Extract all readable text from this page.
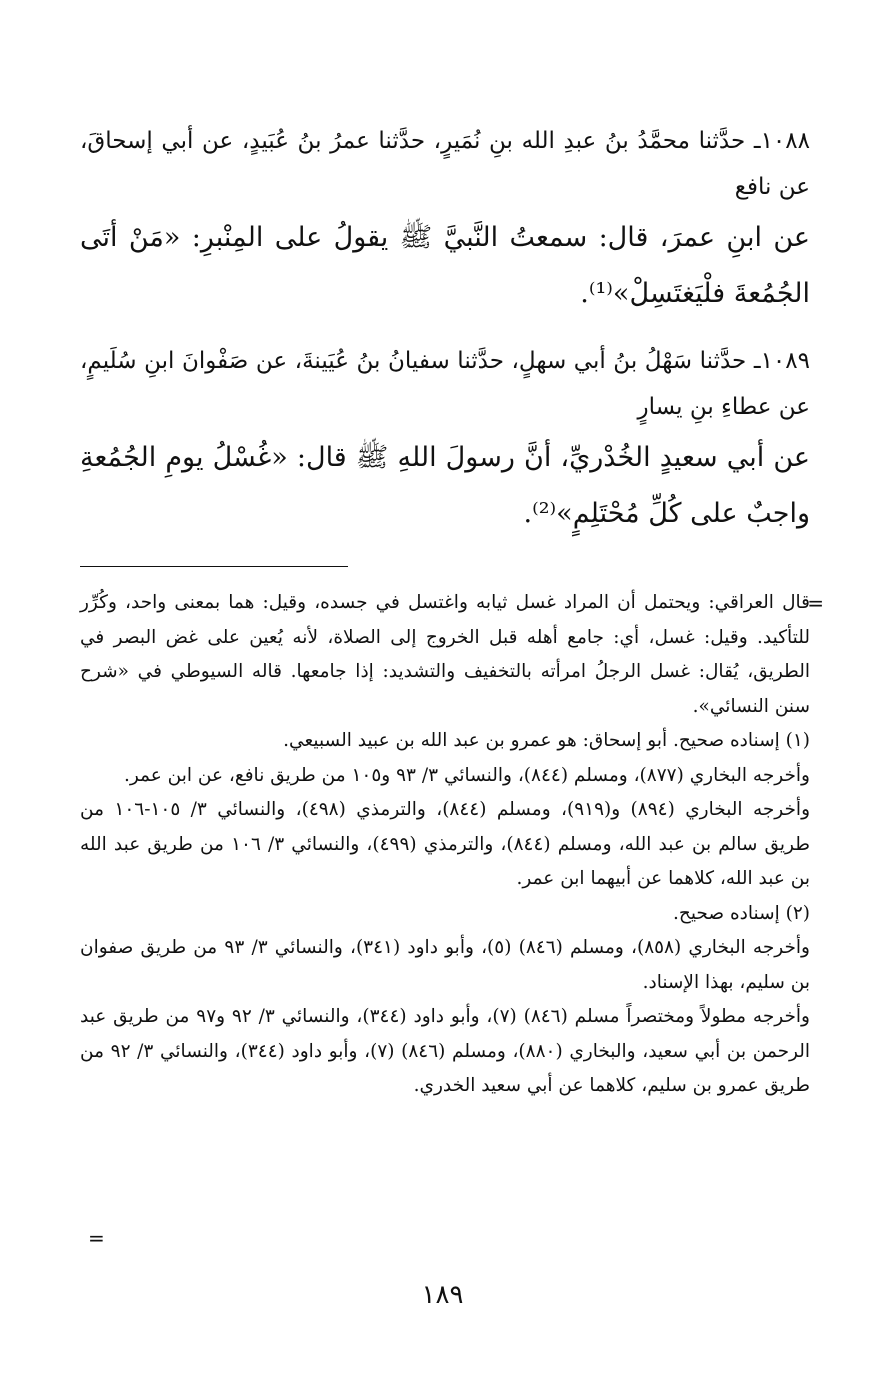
١٠٨٨ـ حدَّثنا محمَّدُ بنُ عبدِ الله بنِ نُمَيرٍ، حدَّثنا عمرُ بنُ عُبَيدٍ، عن أبي إسحاقَ، عن نافع

عن ابنِ عمرَ، قال: سمعتُ النَّبيَّ ﷺ يقولُ على المِنْبرِ: «مَنْ أتَى الجُمُعةَ فلْيَغتَسِلْ»⁽¹⁾.

١٠٨٩ـ حدَّثنا سَهْلُ بنُ أبي سهلٍ، حدَّثنا سفيانُ بنُ عُيَينةَ، عن صَفْوانَ ابنِ سُلَيمٍ، عن عطاءِ بنِ يسارٍ

عن أبي سعيدٍ الخُدْريِّ، أنَّ رسولَ اللهِ ﷺ قال: «غُسْلُ يومِ الجُمُعةِ واجبٌ على كُلِّ مُحْتَلِمٍ»⁽²⁾.

=
قال العراقي: ويحتمل أن المراد غسل ثيابه واغتسل في جسده، وقيل: هما بمعنى واحد، وكُرِّر للتأكيد. وقيل: غسل، أي: جامع أهله قبل الخروج إلى الصلاة، لأنه يُعين على غض البصر في الطريق، يُقال: غسل الرجلُ امرأته بالتخفيف والتشديد: إذا جامعها. قاله السيوطي في «شرح سنن النسائي».

(١) إسناده صحيح. أبو إسحاق: هو عمرو بن عبد الله بن عبيد السبيعي.

وأخرجه البخاري (٨٧٧)، ومسلم (٨٤٤)، والنسائي ٣/ ٩٣ و١٠٥ من طريق نافع، عن ابن عمر.

وأخرجه البخاري (٨٩٤) و(٩١٩)، ومسلم (٨٤٤)، والترمذي (٤٩٨)، والنسائي ٣/ ١٠٥-١٠٦ من طريق سالم بن عبد الله، ومسلم (٨٤٤)، والترمذي (٤٩٩)، والنسائي ٣/ ١٠٦ من طريق عبد الله بن عبد الله، كلاهما عن أبيهما ابن عمر.

(٢) إسناده صحيح.

وأخرجه البخاري (٨٥٨)، ومسلم (٨٤٦) (٥)، وأبو داود (٣٤١)، والنسائي ٣/ ٩٣ من طريق صفوان بن سليم، بهذا الإسناد.

وأخرجه مطولاً ومختصراً مسلم (٨٤٦) (٧)، وأبو داود (٣٤٤)، والنسائي ٣/ ٩٢ و٩٧ من طريق عبد الرحمن بن أبي سعيد، والبخاري (٨٨٠)، ومسلم (٨٤٦) (٧)، وأبو داود (٣٤٤)، والنسائي ٣/ ٩٢ من طريق عمرو بن سليم، كلاهما عن أبي سعيد الخدري.

=
١٨٩
